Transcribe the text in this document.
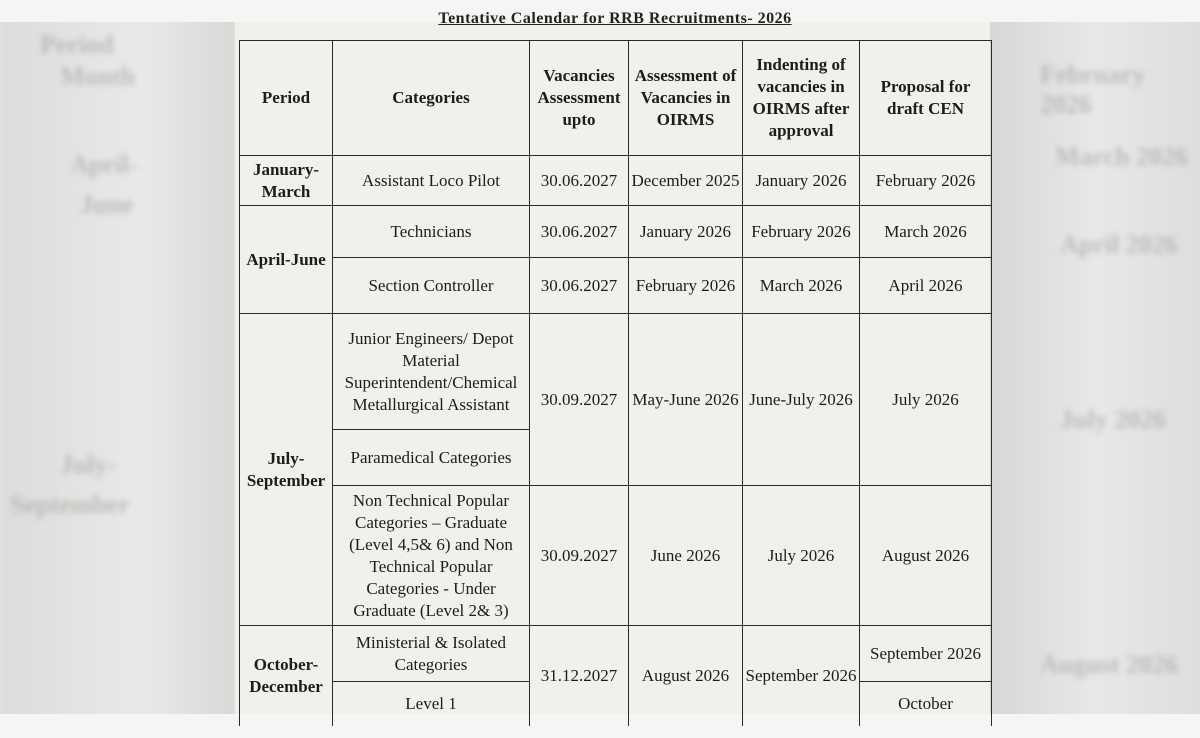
Period
Month
April-
June
July-
September
February 2026
March 2026
April 2026
July 2026
August 2026
Tentative Calendar for RRB Recruitments- 2026
Period	Categories	Vacancies Assessment upto	Assessment of Vacancies in OIRMS	Indenting of vacancies in OIRMS after approval	Proposal for draft CEN
January-March	Assistant Loco Pilot	30.06.2027	December 2025	January 2026	February 2026
April-June	Technicians	30.06.2027	January 2026	February 2026	March 2026
	Section Controller	30.06.2027	February 2026	March 2026	April 2026
July-September	Junior Engineers/ Depot Material Superintendent/Chemical Metallurgical Assistant	30.09.2027	May-June 2026	June-July 2026	July 2026
	Paramedical Categories				
	Non Technical Popular Categories – Graduate (Level 4,5& 6) and Non Technical Popular Categories - Under Graduate (Level 2& 3)	30.09.2027	June 2026	July 2026	August 2026
October-December	Ministerial & Isolated Categories	31.12.2027	August 2026	September 2026	September 2026
	Level 1				October
